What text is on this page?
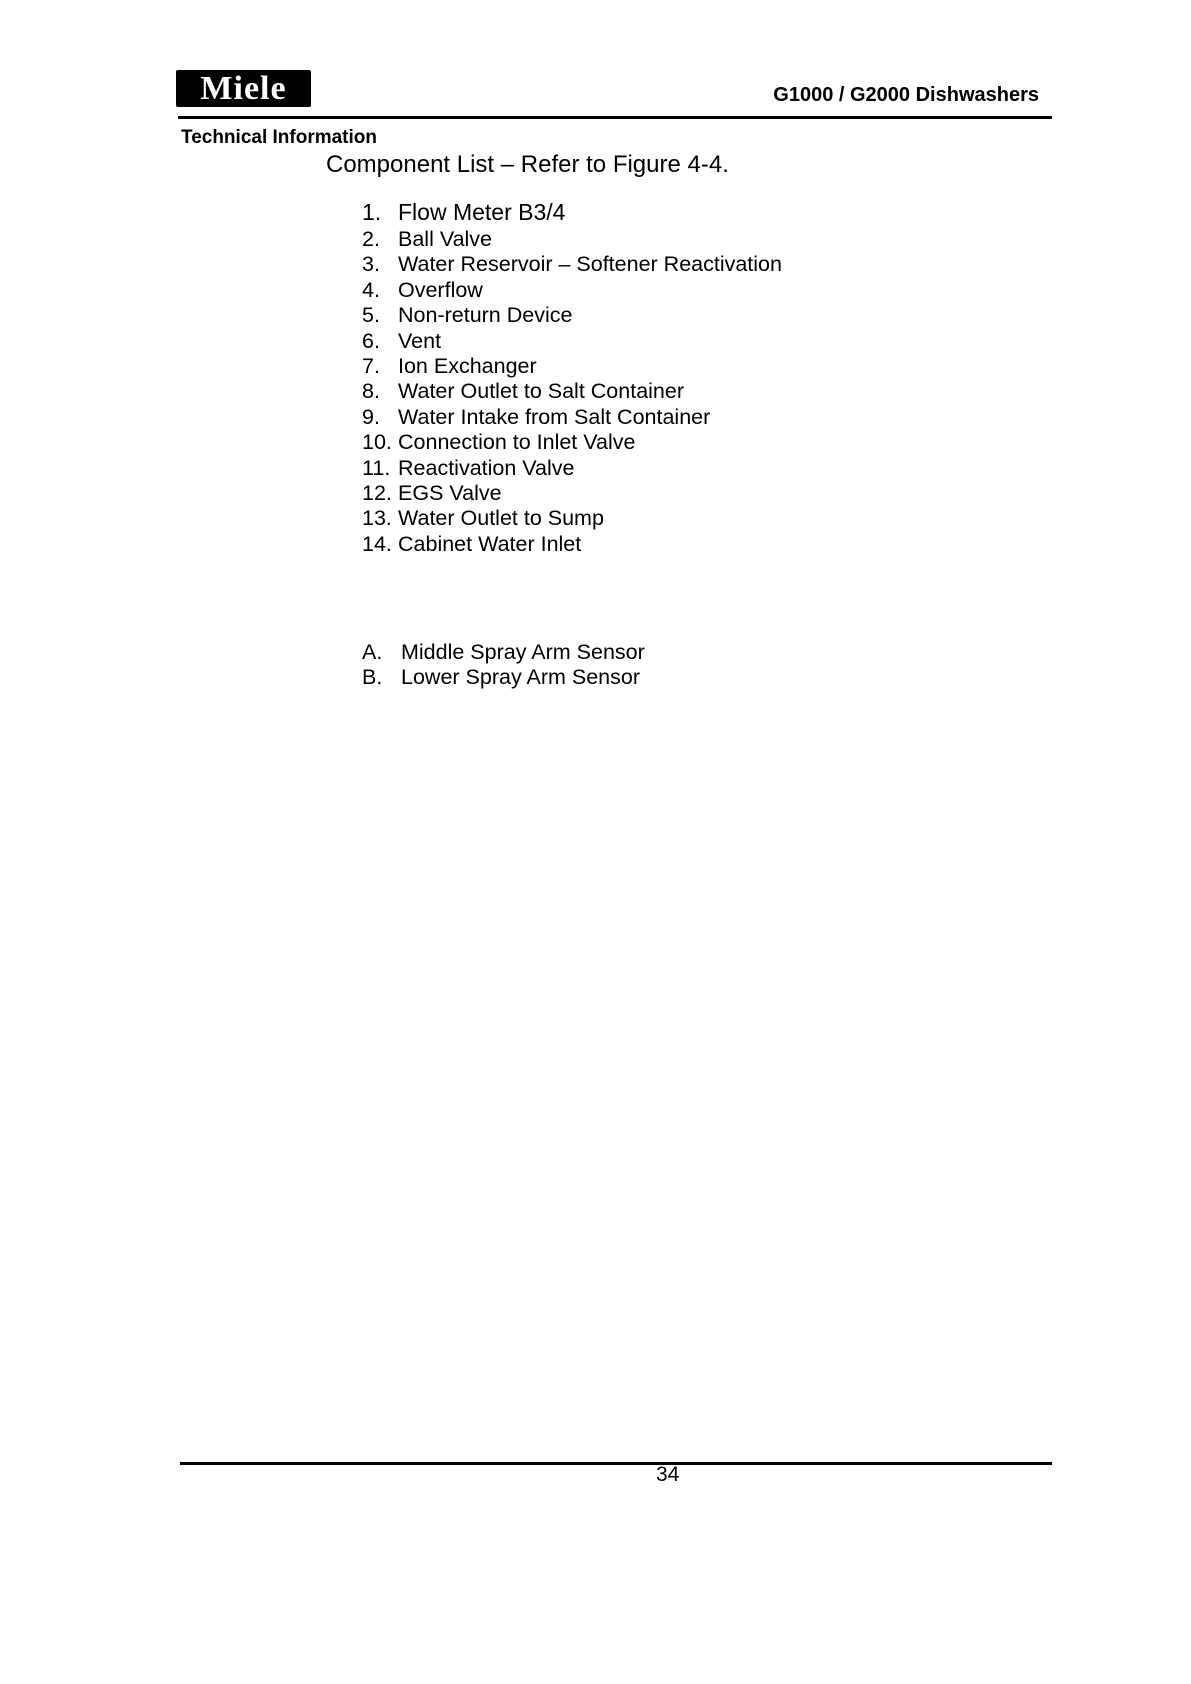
Miele	G1000 / G2000 Dishwashers
Technical Information
Component List – Refer to Figure 4-4.
1. Flow Meter B3/4
2. Ball Valve
3. Water Reservoir – Softener Reactivation
4. Overflow
5. Non-return Device
6. Vent
7. Ion Exchanger
8. Water Outlet to Salt Container
9. Water Intake from Salt Container
10. Connection to Inlet Valve
11. Reactivation Valve
12. EGS Valve
13. Water Outlet to Sump
14. Cabinet Water Inlet
A. Middle Spray Arm Sensor
B. Lower Spray Arm Sensor
34
